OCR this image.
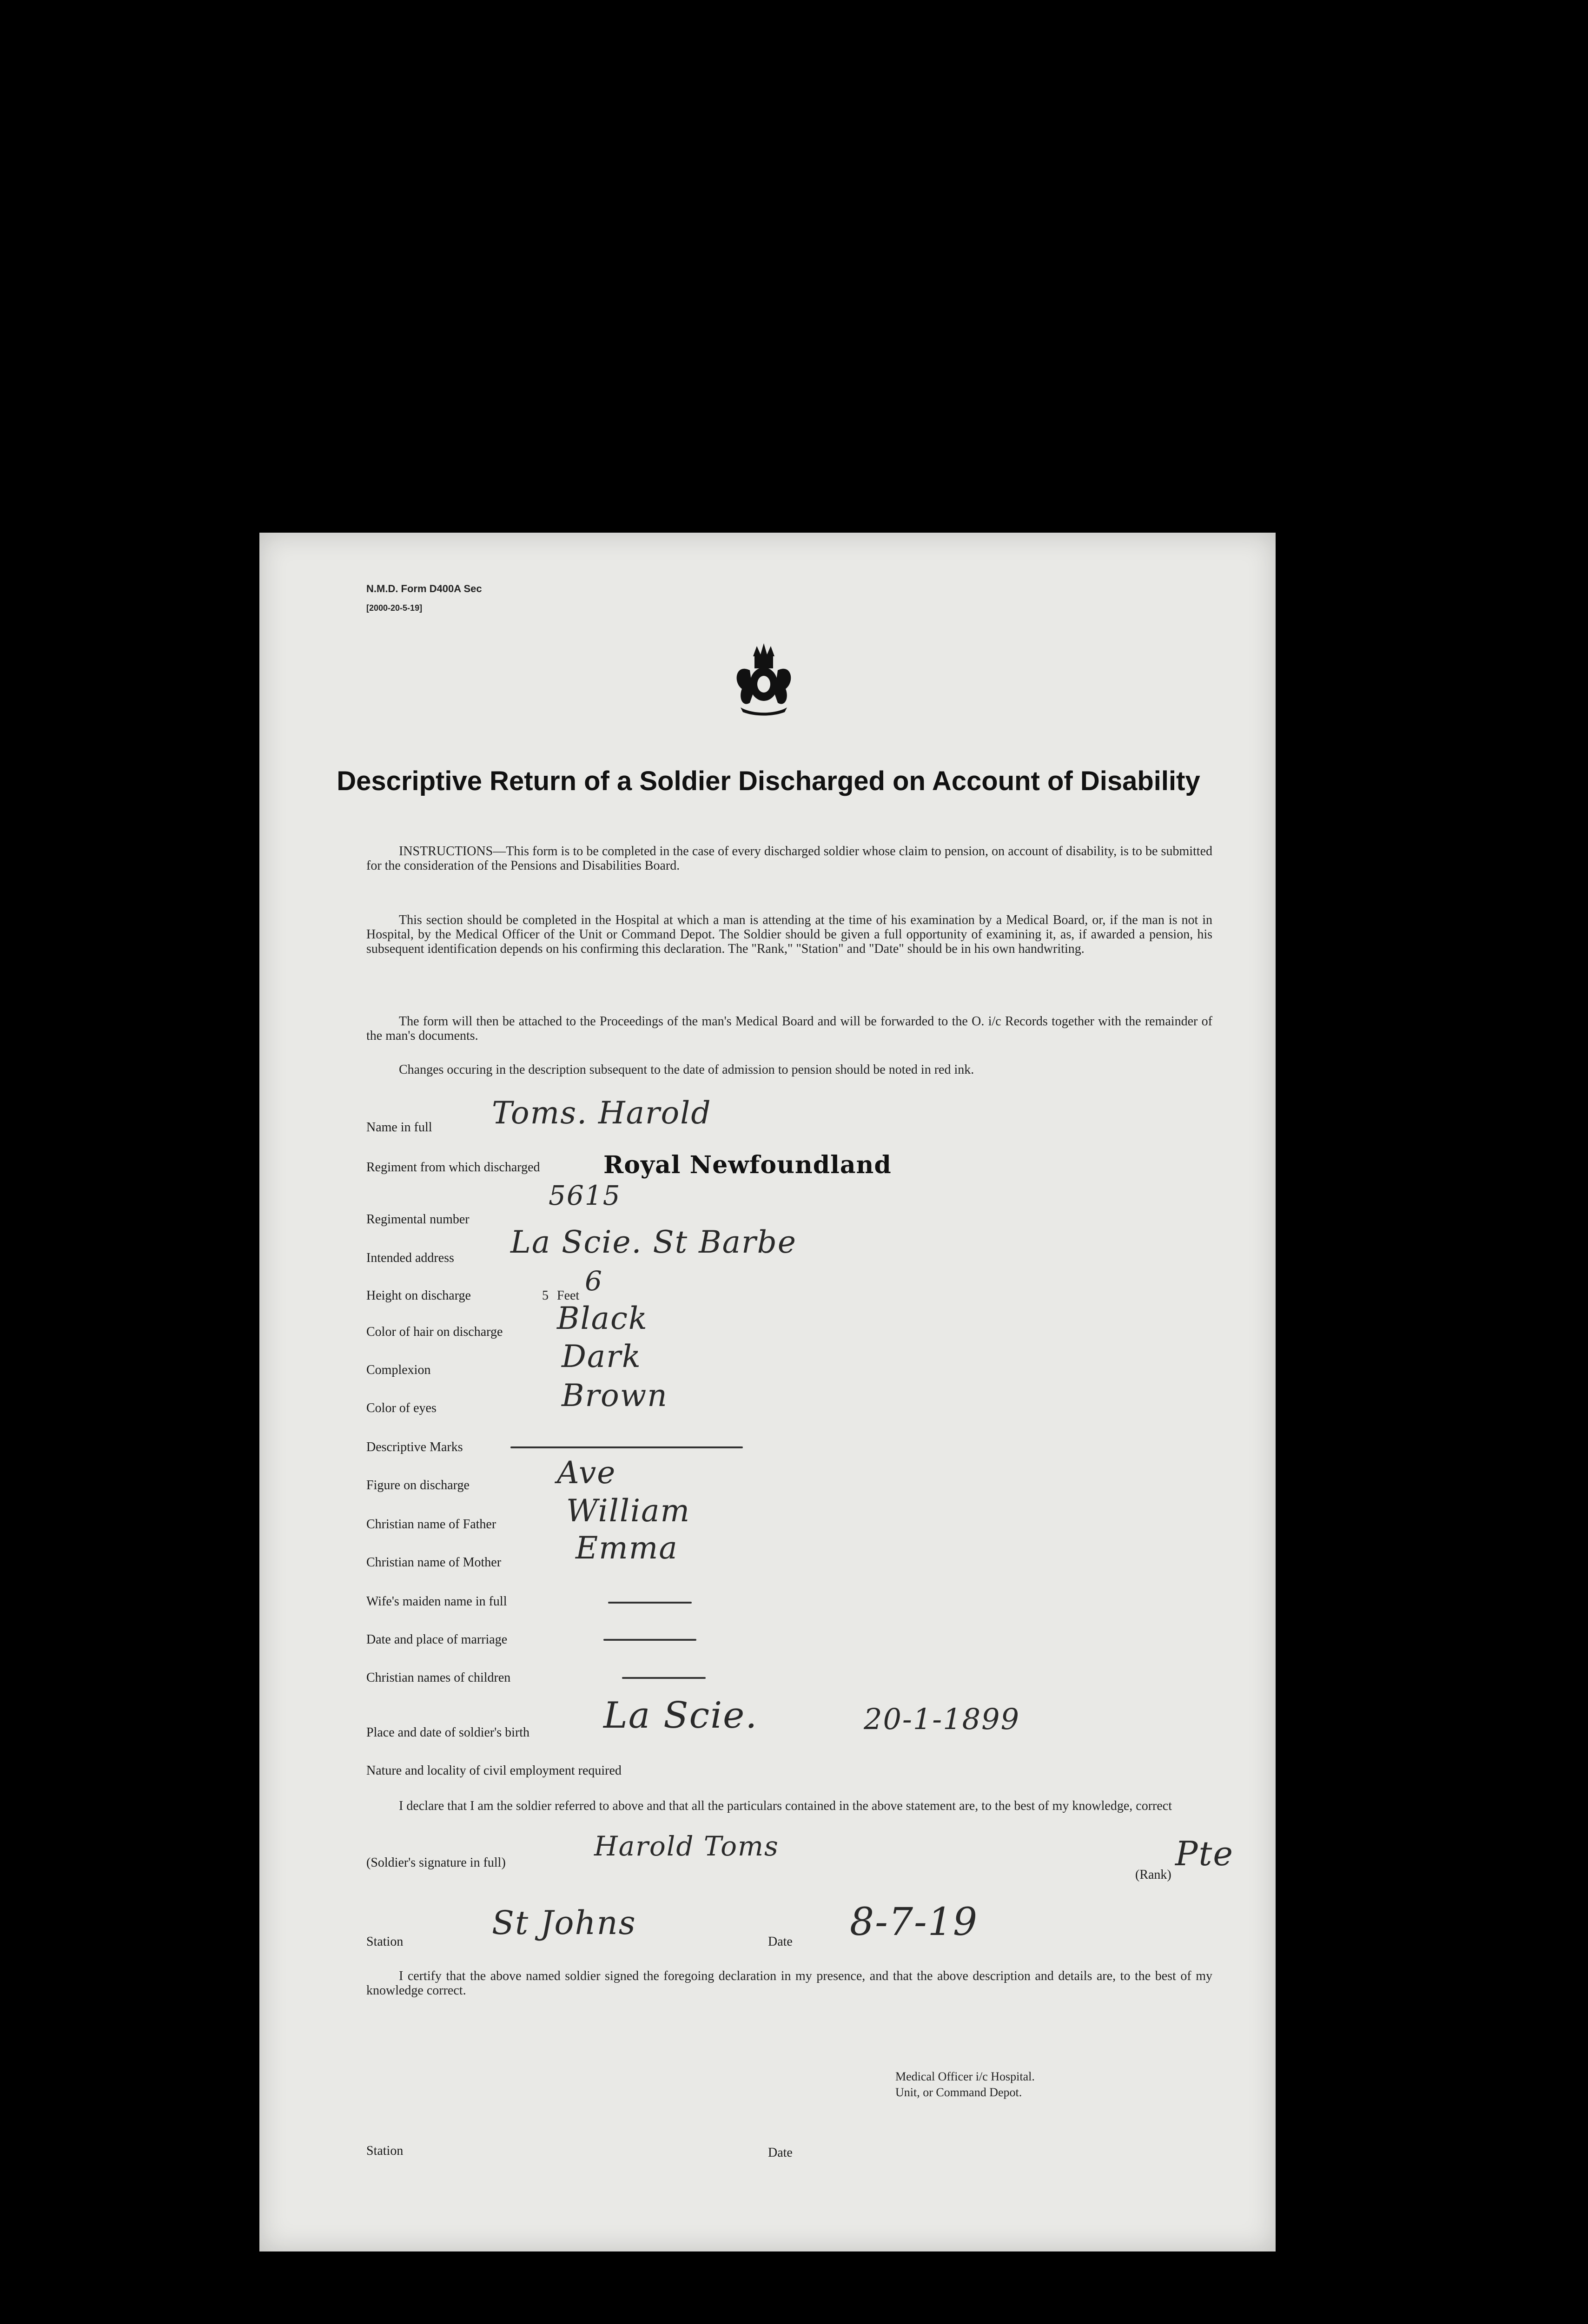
N.M.D. Form D400A Sec
[2000-20-5-19]
Descriptive Return of a Soldier Discharged on Account of Disability

INSTRUCTIONS—This form is to be completed in the case of every discharged soldier whose claim to pension, on account of disability, is to be submitted for the consideration of the Pensions and Disabilities Board.

This section should be completed in the Hospital at which a man is attending at the time of his examination by a Medical Board, or, if the man is not in Hospital, by the Medical Officer of the Unit or Command Depot. The Soldier should be given a full opportunity of examining it, as, if awarded a pension, his subsequent identification depends on his confirming this declaration. The "Rank," "Station" and "Date" should be in his own handwriting.

The form will then be attached to the Proceedings of the man's Medical Board and will be forwarded to the O. i/c Records together with the remainder of the man's documents.

Changes occuring in the description subsequent to the date of admission to pension should be noted in red ink.

Name in full Toms. Harold
Regiment from which discharged	Royal Newfoundland
Regimental number
5615
Intended address La Scie. St Barbe
Height on discharge	5 Feet 6
Color of hair on discharge Black
Complexion	Dark
Color of eyes	Brown
Descriptive Marks
Figure on discharge	Ave
Christian name of Father William
Christian name of Mother Emma
Wife's maiden name in full
Date and place of marriage
Christian names of children
Place and date of soldier's birth La Scie.	20-1-1899
Nature and locality of civil employment required

I declare that I am the soldier referred to above and that all the particulars contained in the above statement are, to the best of my knowledge, correct

(Soldier's signature in full)
Harold Toms
(Rank)
Pte
Station	St Johns	Date 8-7-19

I certify that the above named soldier signed the foregoing declaration in my presence, and that the above description and details are, to the best of my knowledge correct.

Medical Officer i/c Hospital.
Unit, or Command Depot.
Station	Date
